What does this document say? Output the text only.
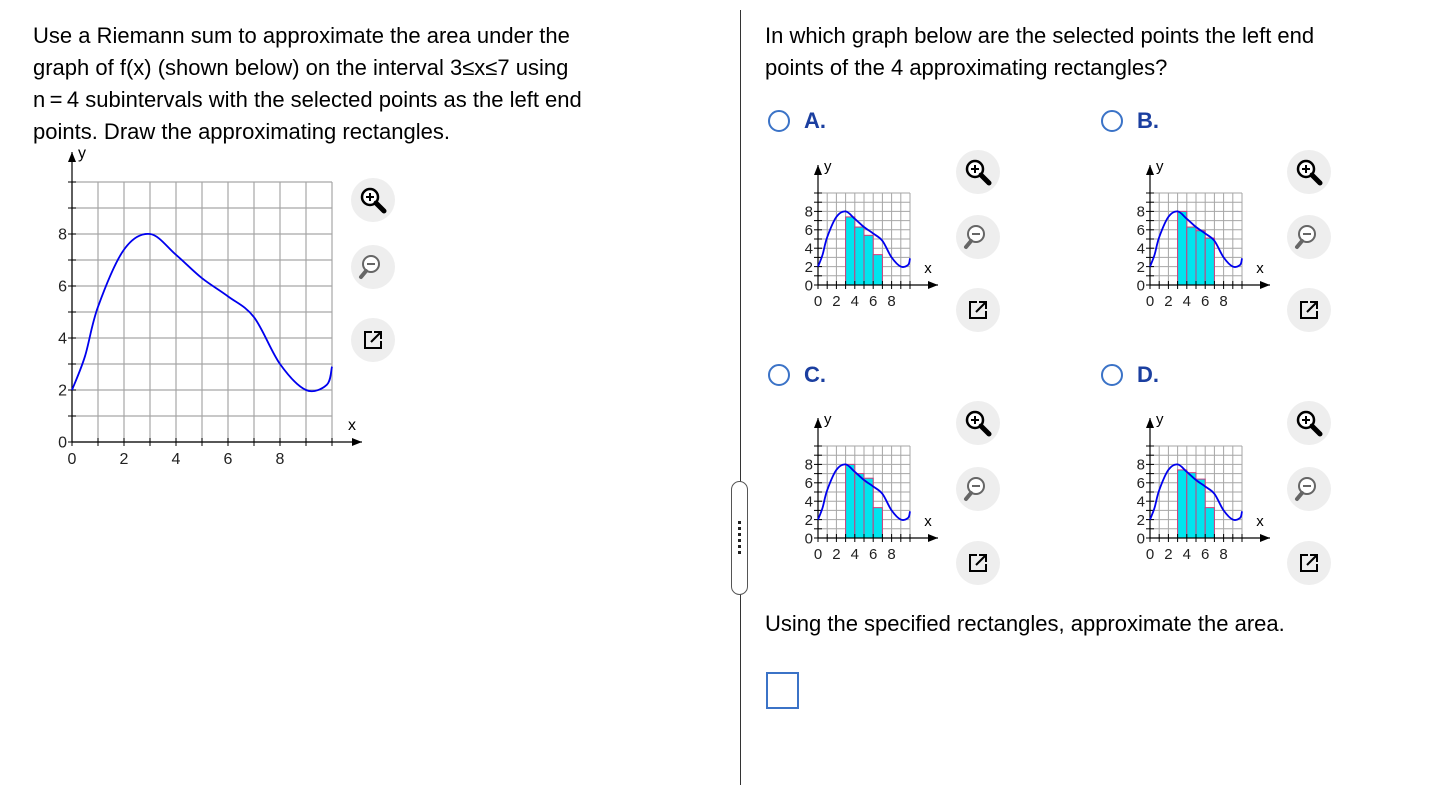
Use a Riemann sum to approximate the area under the
graph of f(x) (shown below) on the interval 3≤x≤7 using
n = 4 subintervals with the selected points as the left end
points. Draw the approximating rectangles.
0	2	4	6	8
0
2
4
6
8
x
y
In which graph below are the selected points the left end
points of the 4 approximating rectangles?
A.
0 2 4 6 8
0
2
4
6
8
x
y
B.
0 2 4 6 8
0
2
4
6
8
x
y
C.
0 2 4 6 8
0
2
4
6
8
x
y
D.
0 2 4 6 8
0
2
4
6
8
x
y
Using the specified rectangles, approximate the area.
